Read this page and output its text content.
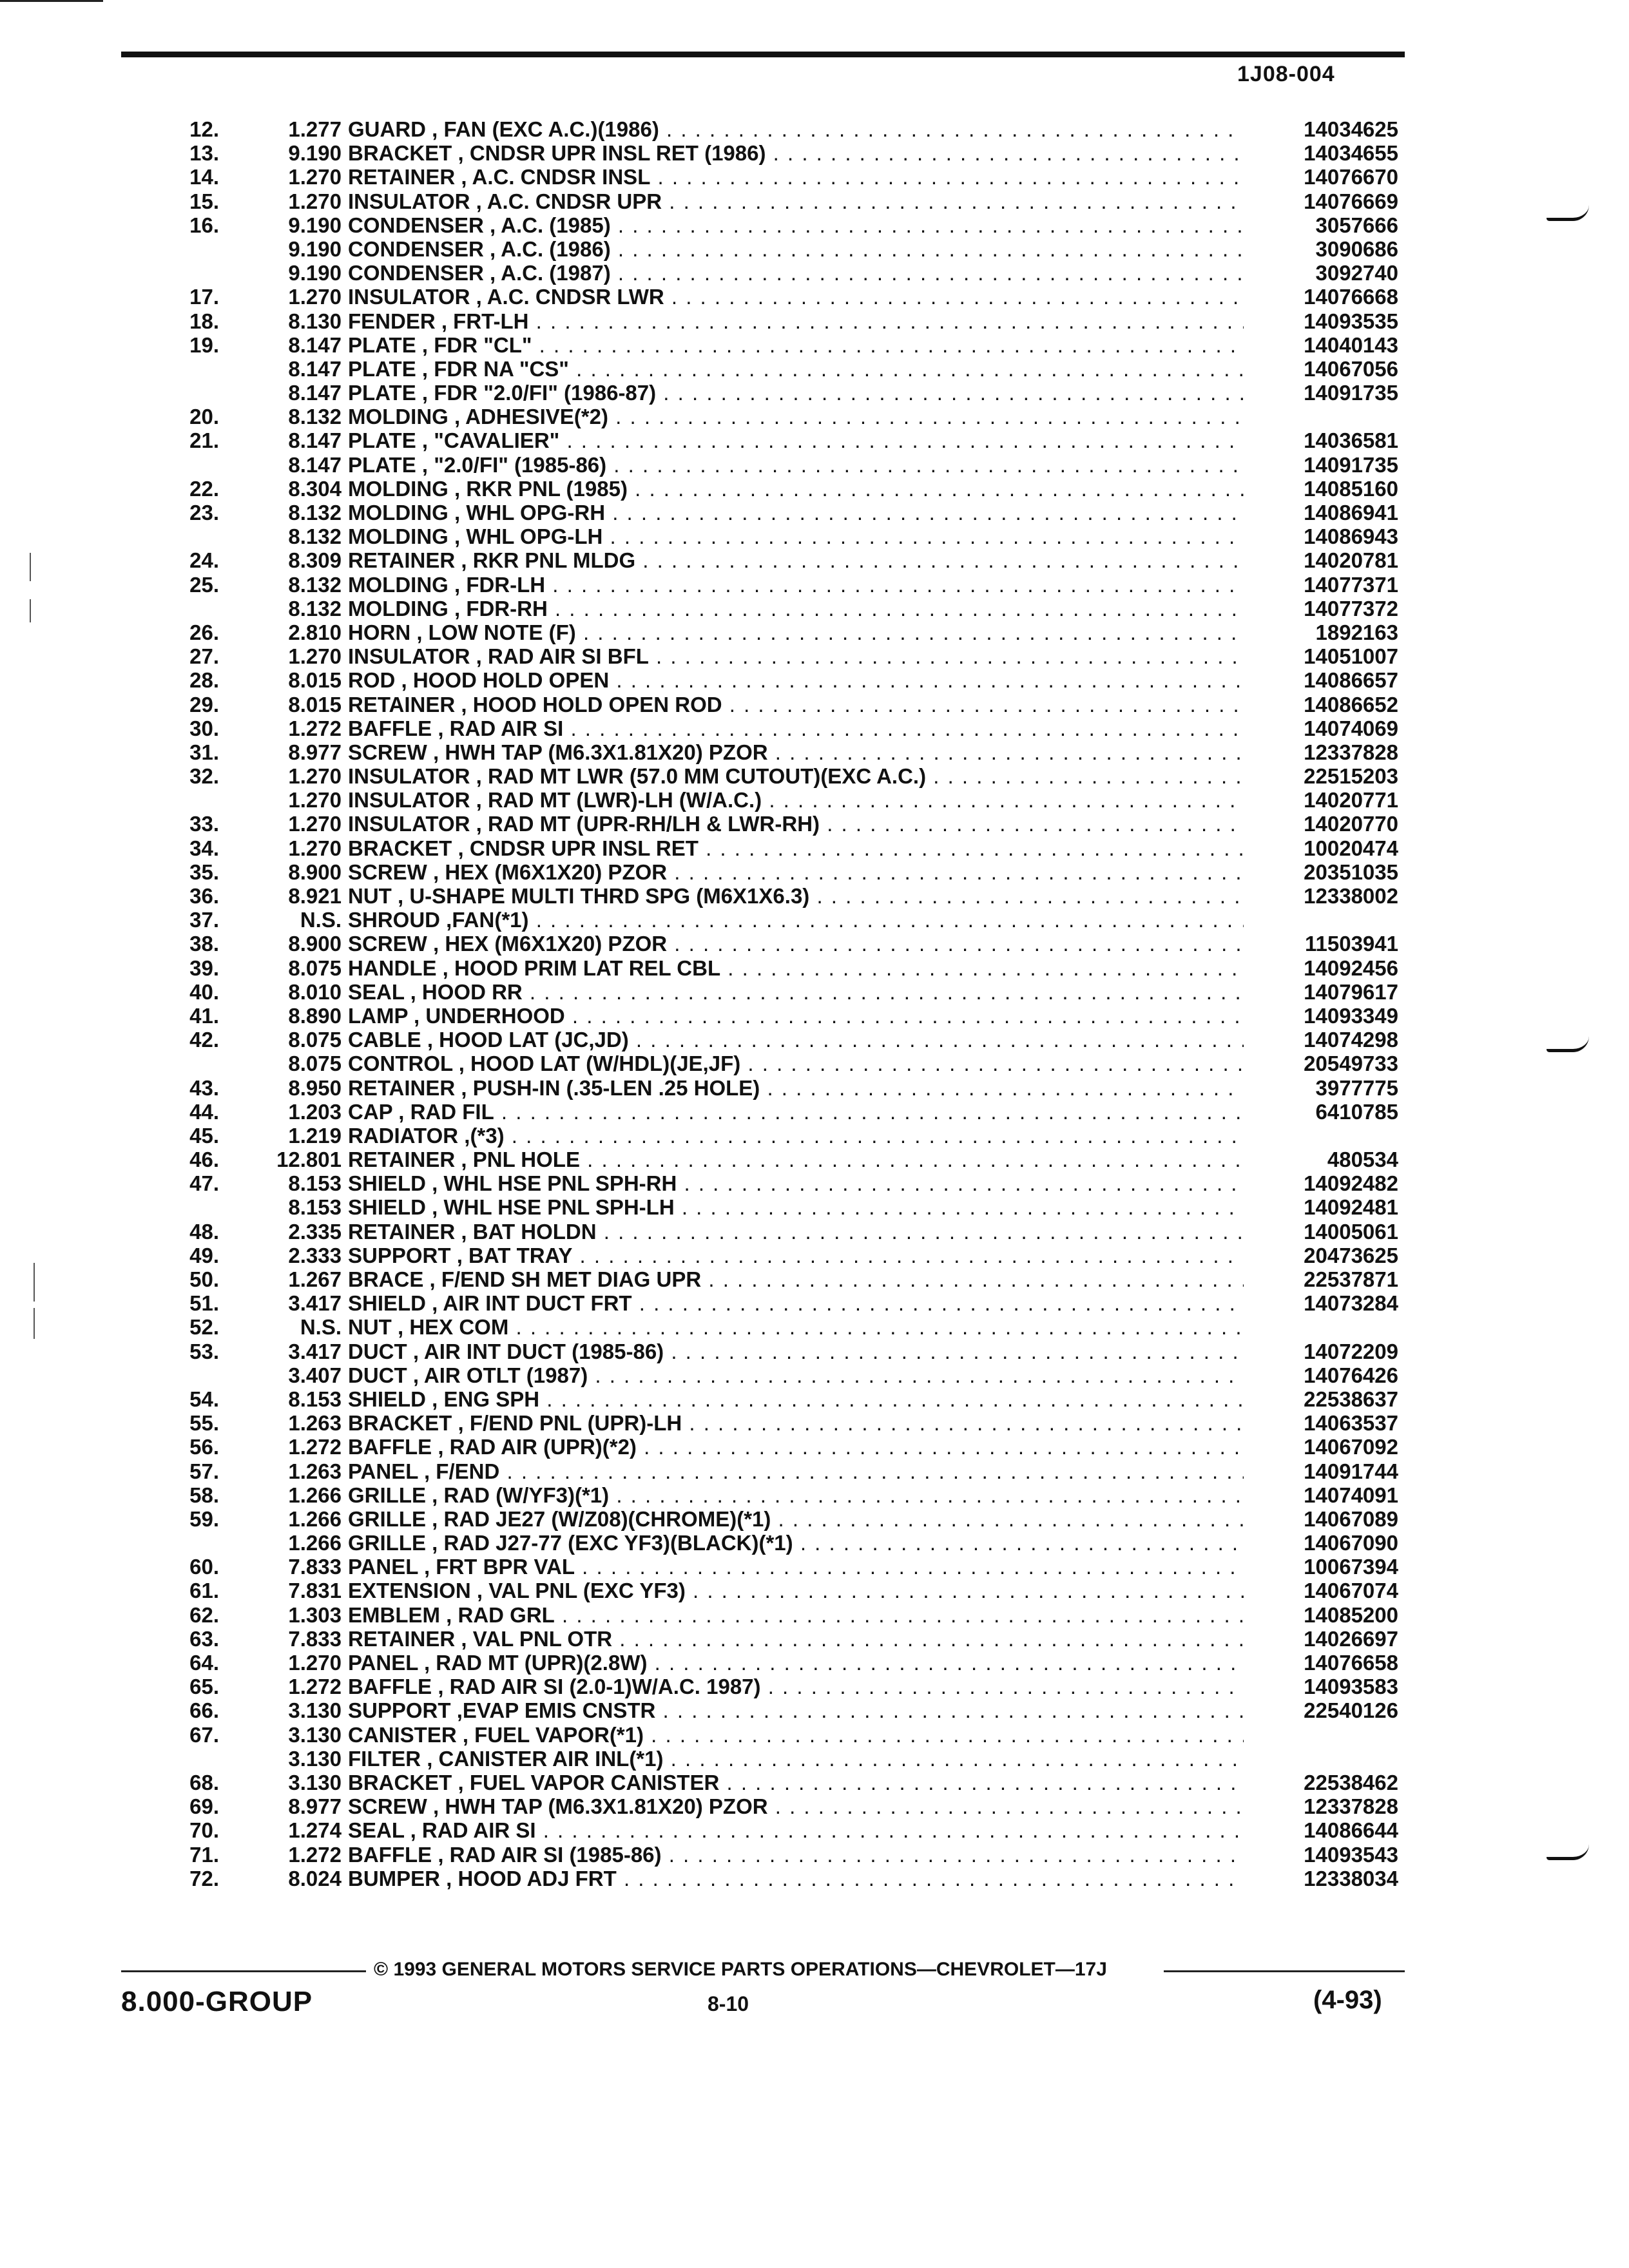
1J08-004
12.	1.277 GUARD , FAN (EXC A.C.)(1986) . . .	14034625
13.	9.190 BRACKET , CNDSR UPR INSL RET (1986) . . .	14034655
14.	1.270 RETAINER , A.C. CNDSR INSL . . .	14076670
15.	1.270 INSULATOR , A.C. CNDSR UPR . . .	14076669
16.	9.190 CONDENSER , A.C. (1985) . . .	3057666
9.190 CONDENSER , A.C. (1986) . . .	3090686
9.190 CONDENSER , A.C. (1987) . . .	3092740
17.	1.270 INSULATOR , A.C. CNDSR LWR . . .	14076668
18.	8.130 FENDER , FRT-LH . . .	14093535
19.	8.147 PLATE , FDR "CL" . . .	14040143
8.147 PLATE , FDR NA "CS" . . .	14067056
8.147 PLATE , FDR "2.0/FI" (1986-87) . . .	14091735
20.	8.132 MOLDING , ADHESIVE(*2) . . .
21.	8.147 PLATE , "CAVALIER" . . .	14036581
8.147 PLATE , "2.0/FI" (1985-86) . . .	14091735
22.	8.304 MOLDING , RKR PNL (1985) . . .	14085160
23.	8.132 MOLDING , WHL OPG-RH . . .	14086941
8.132 MOLDING , WHL OPG-LH . . .	14086943
24.	8.309 RETAINER , RKR PNL MLDG . . .	14020781
25.	8.132 MOLDING , FDR-LH . . .	14077371
8.132 MOLDING , FDR-RH . . .	14077372
26.	2.810 HORN , LOW NOTE (F) . . .	1892163
27.	1.270 INSULATOR , RAD AIR SI BFL . . .	14051007
28.	8.015 ROD , HOOD HOLD OPEN . . .	14086657
29.	8.015 RETAINER , HOOD HOLD OPEN ROD . . .	14086652
30.	1.272 BAFFLE , RAD AIR SI . . .	14074069
31.	8.977 SCREW , HWH TAP (M6.3X1.81X20) PZOR . . .	12337828
32.	1.270 INSULATOR , RAD MT LWR (57.0 MM CUTOUT)(EXC A.C.) . . .	22515203
1.270 INSULATOR , RAD MT (LWR)-LH (W/A.C.) . . .	14020771
33.	1.270 INSULATOR , RAD MT (UPR-RH/LH & LWR-RH) . . .	14020770
34.	1.270 BRACKET , CNDSR UPR INSL RET . . .	10020474
35.	8.900 SCREW , HEX (M6X1X20) PZOR . . .	20351035
36.	8.921 NUT , U-SHAPE MULTI THRD SPG (M6X1X6.3) . . .	12338002
37.	N.S. SHROUD ,FAN(*1) . . .
38.	8.900 SCREW , HEX (M6X1X20) PZOR . . .	11503941
39.	8.075 HANDLE , HOOD PRIM LAT REL CBL . . .	14092456
40.	8.010 SEAL , HOOD RR . . .	14079617
41.	8.890 LAMP , UNDERHOOD . . .	14093349
42.	8.075 CABLE , HOOD LAT (JC,JD) . . .	14074298
8.075 CONTROL , HOOD LAT (W/HDL)(JE,JF) . . .	20549733
43.	8.950 RETAINER , PUSH-IN (.35-LEN .25 HOLE) . . .	3977775
44.	1.203 CAP , RAD FIL . . .	6410785
45.	1.219 RADIATOR ,(*3) . . .
46.	12.801 RETAINER , PNL HOLE . . .	480534
47.	8.153 SHIELD , WHL HSE PNL SPH-RH . . .	14092482
8.153 SHIELD , WHL HSE PNL SPH-LH . . .	14092481
48.	2.335 RETAINER , BAT HOLDN . . .	14005061
49.	2.333 SUPPORT , BAT TRAY . . .	20473625
50.	1.267 BRACE , F/END SH MET DIAG UPR . . .	22537871
51.	3.417 SHIELD , AIR INT DUCT FRT . . .	14073284
52.	N.S. NUT , HEX COM . . .
53.	3.417 DUCT , AIR INT DUCT (1985-86) . . .	14072209
3.407 DUCT , AIR OTLT (1987) . . .	14076426
54.	8.153 SHIELD , ENG SPH . . .	22538637
55.	1.263 BRACKET , F/END PNL (UPR)-LH . . .	14063537
56.	1.272 BAFFLE , RAD AIR (UPR)(*2) . . .	14067092
57.	1.263 PANEL , F/END . . .	14091744
58.	1.266 GRILLE , RAD (W/YF3)(*1) . . .	14074091
59.	1.266 GRILLE , RAD JE27 (W/Z08)(CHROME)(*1) . . .	14067089
1.266 GRILLE , RAD J27-77 (EXC YF3)(BLACK)(*1) . . .	14067090
60.	7.833 PANEL , FRT BPR VAL . . .	10067394
61.	7.831 EXTENSION , VAL PNL (EXC YF3) . . .	14067074
62.	1.303 EMBLEM , RAD GRL . . .	14085200
63.	7.833 RETAINER , VAL PNL OTR . . .	14026697
64.	1.270 PANEL , RAD MT (UPR)(2.8W) . . .	14076658
65.	1.272 BAFFLE , RAD AIR SI (2.0-1)W/A.C. 1987) . . .	14093583
66.	3.130 SUPPORT ,EVAP EMIS CNSTR . . .	22540126
67.	3.130 CANISTER , FUEL VAPOR(*1) . . .
3.130 FILTER , CANISTER AIR INL(*1) . . .
68.	3.130 BRACKET , FUEL VAPOR CANISTER . . .	22538462
69.	8.977 SCREW , HWH TAP (M6.3X1.81X20) PZOR . . .	12337828
70.	1.274 SEAL , RAD AIR SI . . .	14086644
71.	1.272 BAFFLE , RAD AIR SI (1985-86) . . .	14093543
72.	8.024 BUMPER , HOOD ADJ FRT . . .	12338034
© 1993 GENERAL MOTORS SERVICE PARTS OPERATIONS—CHEVROLET—17J
8.000-GROUP	8-10	(4-93)
